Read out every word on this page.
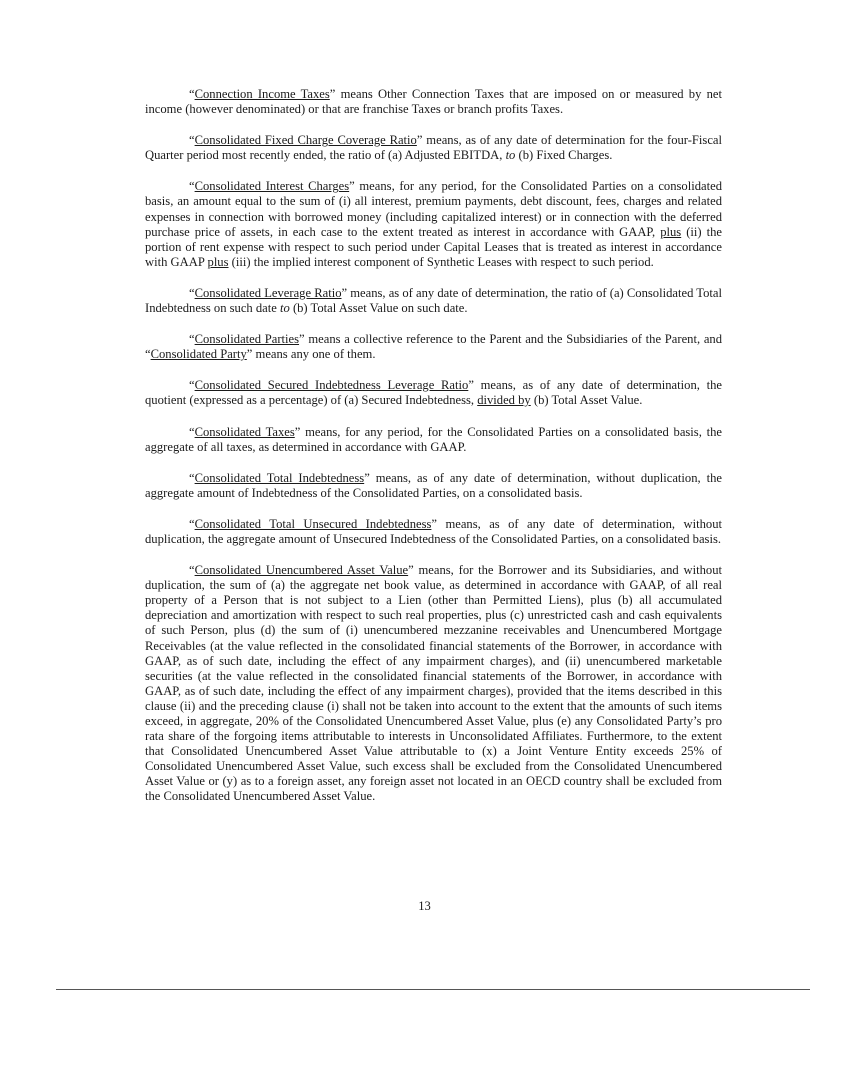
“Connection Income Taxes” means Other Connection Taxes that are imposed on or measured by net income (however denominated) or that are franchise Taxes or branch profits Taxes.

“Consolidated Fixed Charge Coverage Ratio” means, as of any date of determination for the four-Fiscal Quarter period most recently ended, the ratio of (a) Adjusted EBITDA, to (b) Fixed Charges.

“Consolidated Interest Charges” means, for any period, for the Consolidated Parties on a consolidated basis, an amount equal to the sum of (i) all interest, premium payments, debt discount, fees, charges and related expenses in connection with borrowed money (including capitalized interest) or in connection with the deferred purchase price of assets, in each case to the extent treated as interest in accordance with GAAP, plus (ii) the portion of rent expense with respect to such period under Capital Leases that is treated as interest in accordance with GAAP plus (iii) the implied interest component of Synthetic Leases with respect to such period.

“Consolidated Leverage Ratio” means, as of any date of determination, the ratio of (a) Consolidated Total Indebtedness on such date to (b) Total Asset Value on such date.

“Consolidated Parties” means a collective reference to the Parent and the Subsidiaries of the Parent, and “Consolidated Party” means any one of them.

“Consolidated Secured Indebtedness Leverage Ratio” means, as of any date of determination, the quotient (expressed as a percentage) of (a) Secured Indebtedness, divided by (b) Total Asset Value.

“Consolidated Taxes” means, for any period, for the Consolidated Parties on a consolidated basis, the aggregate of all taxes, as determined in accordance with GAAP.

“Consolidated Total Indebtedness” means, as of any date of determination, without duplication, the aggregate amount of Indebtedness of the Consolidated Parties, on a consolidated basis.

“Consolidated Total Unsecured Indebtedness” means, as of any date of determination, without duplication, the aggregate amount of Unsecured Indebtedness of the Consolidated Parties, on a consolidated basis.

“Consolidated Unencumbered Asset Value” means, for the Borrower and its Subsidiaries, and without duplication, the sum of (a) the aggregate net book value, as determined in accordance with GAAP, of all real property of a Person that is not subject to a Lien (other than Permitted Liens), plus (b) all accumulated depreciation and amortization with respect to such real properties, plus (c) unrestricted cash and cash equivalents of such Person, plus (d) the sum of (i) unencumbered mezzanine receivables and Unencumbered Mortgage Receivables (at the value reflected in the consolidated financial statements of the Borrower, in accordance with GAAP, as of such date, including the effect of any impairment charges), and (ii) unencumbered marketable securities (at the value reflected in the consolidated financial statements of the Borrower, in accordance with GAAP, as of such date, including the effect of any impairment charges), provided that the items described in this clause (ii) and the preceding clause (i) shall not be taken into account to the extent that the amounts of such items exceed, in aggregate, 20% of the Consolidated Unencumbered Asset Value, plus (e) any Consolidated Party’s pro rata share of the forgoing items attributable to interests in Unconsolidated Affiliates. Furthermore, to the extent that Consolidated Unencumbered Asset Value attributable to (x) a Joint Venture Entity exceeds 25% of Consolidated Unencumbered Asset Value, such excess shall be excluded from the Consolidated Unencumbered Asset Value or (y) as to a foreign asset, any foreign asset not located in an OECD country shall be excluded from the Consolidated Unencumbered Asset Value.

13
